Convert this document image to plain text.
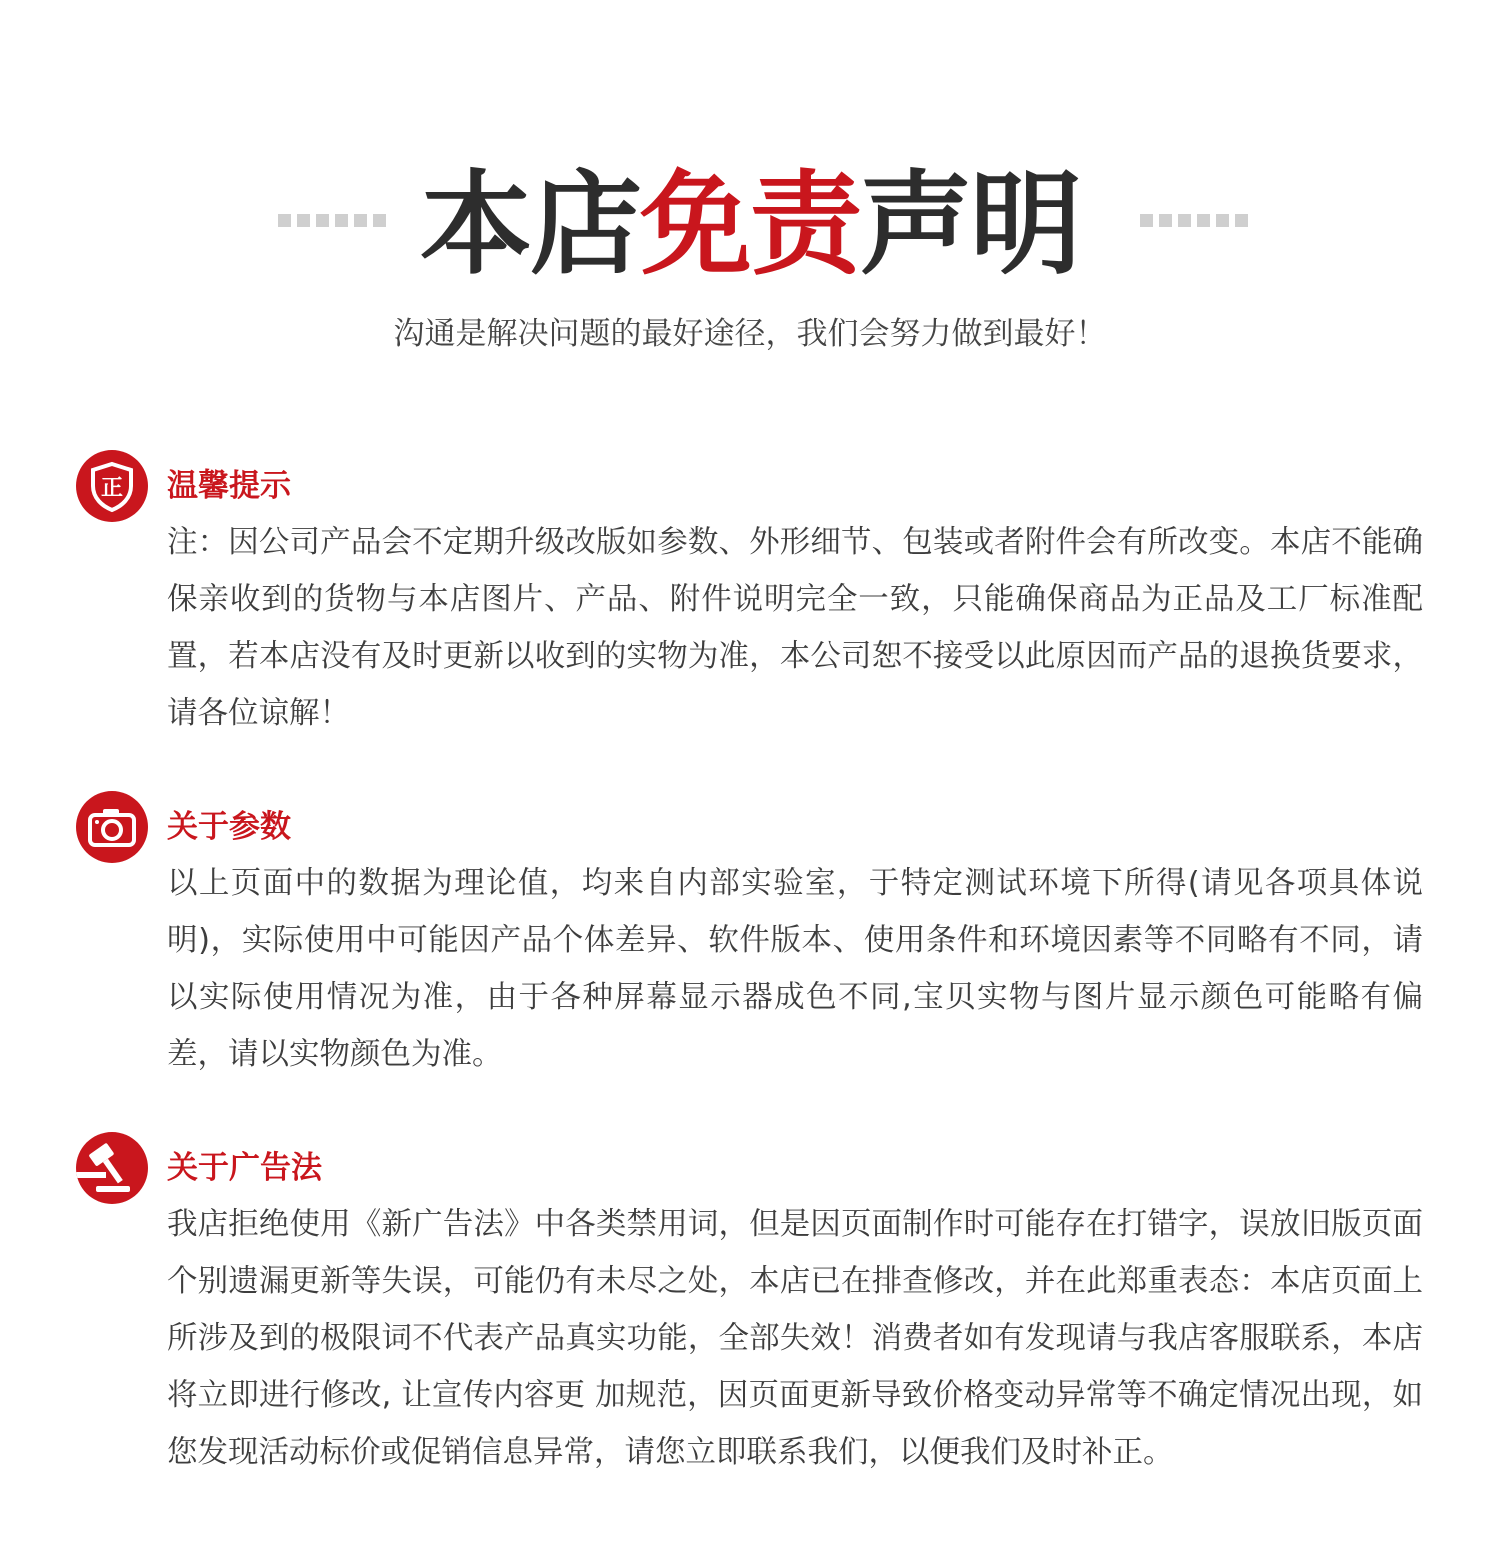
本店免责声明
沟通是解决问题的最好途径，我们会努力做到最好！
正 温馨提示
注：因公司产品会不定期升级改版如参数、外形细节、包装或者附件会有所改变。本店不能确保亲收到的货物与本店图片、产品、附件说明完全一致，只能确保商品为正品及工厂标准配置，若本店没有及时更新以收到的实物为准，本公司恕不接受以此原因而产品的退换货要求，请各位谅解！
关于参数
以上页面中的数据为理论值，均来自内部实验室，于特定测试环境下所得(请见各项具体说明)，实际使用中可能因产品个体差异、软件版本、使用条件和环境因素等不同略有不同，请以实际使用情况为准，由于各种屏幕显示器成色不同,宝贝实物与图片显示颜色可能略有偏差，请以实物颜色为准。
关于广告法
我店拒绝使用《新广告法》中各类禁用词，但是因页面制作时可能存在打错字，误放旧版页面个别遗漏更新等失误，可能仍有未尽之处，本店已在排查修改，并在此郑重表态：本店页面上所涉及到的极限词不代表产品真实功能，全部失效！消费者如有发现请与我店客服联系，本店将立即进行修改, 让宣传内容更 加规范，因页面更新导致价格变动异常等不确定情况出现，如您发现活动标价或促销信息异常，请您立即联系我们，以便我们及时补正。
